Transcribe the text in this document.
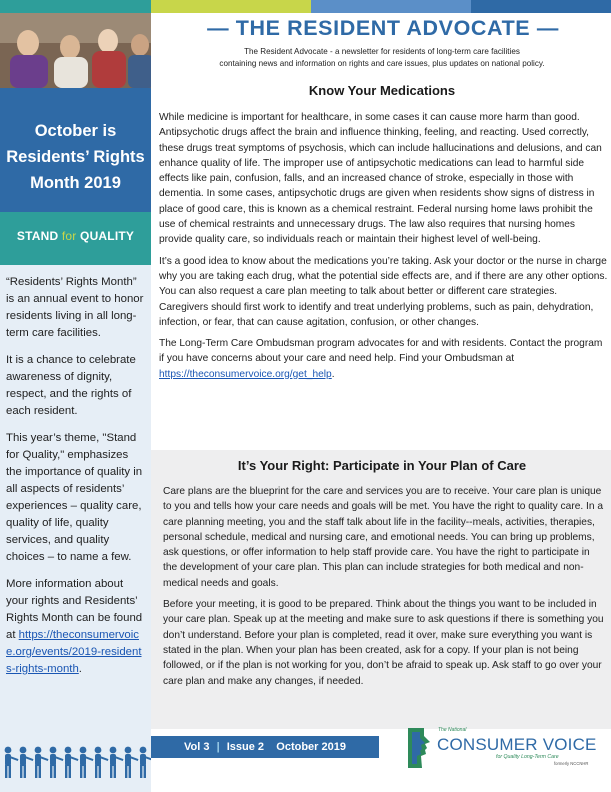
October is
Residents’ Rights
Month 2019
STAND for QUALITY

“Residents’ Rights Month” is an annual event to honor residents living in all long-term care facilities.

It is a chance to celebrate awareness of dignity, respect, and the rights of each resident.

This year’s theme, "Stand for Quality," emphasizes the importance of quality in all aspects of residents’ experiences – quality care, quality of life, quality services, and quality choices – to name a few.

More information about your rights and Residents’ Rights Month can be found at https://theconsumervoice.org/events/2019-residents-rights-month.

— THE RESIDENT ADVOCATE —
The Resident Advocate - a newsletter for residents of long-term care facilities
containing news and information on rights and care issues, plus updates on national policy.
Know Your Medications

While medicine is important for healthcare, in some cases it can cause more harm than good. Antipsychotic drugs affect the brain and influence thinking, feeling, and reacting. Used correctly, these drugs treat symptoms of psychosis, which can include hallucinations and delusions, and can enhance quality of life. The improper use of antipsychotic medications can lead to harmful side effects like pain, confusion, falls, and an increased chance of stroke, especially in those with dementia. In some cases, antipsychotic drugs are given when residents show signs of distress in place of good care, this is known as a chemical restraint. Federal nursing home laws prohibit the use of chemical restraints and unnecessary drugs. The law also requires that nursing homes provide quality care, so individuals reach or maintain their highest level of well-being.

It’s a good idea to know about the medications you’re taking. Ask your doctor or the nurse in charge why you are taking each drug, what the potential side effects are, and if there are any other options. You can also request a care plan meeting to talk about better or different care strategies. Caregivers should first work to identify and treat underlying problems, such as pain, dehydration, infection, or fear, that can cause agitation, confusion, or other changes.

The Long-Term Care Ombudsman program advocates for and with residents. Contact the program if you have concerns about your care and need help. Find your Ombudsman at https://theconsumervoice.org/get_help.

It’s Your Right: Participate in Your Plan of Care

Care plans are the blueprint for the care and services you are to receive. Your care plan is unique to you and tells how your care needs and goals will be met. You have the right to quality care. In a care planning meeting, you and the staff talk about life in the facility--meals, activities, therapies, personal schedule, medical and nursing care, and emotional needs. You can bring up problems, ask questions, or offer information to help staff provide care. You have the right to participate in the development of your care plan. This plan can include strategies for both medical and non-medical needs and goals.

Before your meeting, it is good to be prepared. Think about the things you want to be included in your care plan. Speak up at the meeting and make sure to ask questions if there is something you don’t understand. Before your plan is completed, read it over, make sure everything you want is stated in the plan. When your plan has been created, ask for a copy. If your plan is not being followed, or if the plan is not working for you, don’t be afraid to speak up. Ask staff to go over your care plan and make any changes, if needed.

Vol 3 | Issue 2 October 2019
The National
CONSUMER VOICE
for Quality Long-Term Care
formerly NCCNHR
